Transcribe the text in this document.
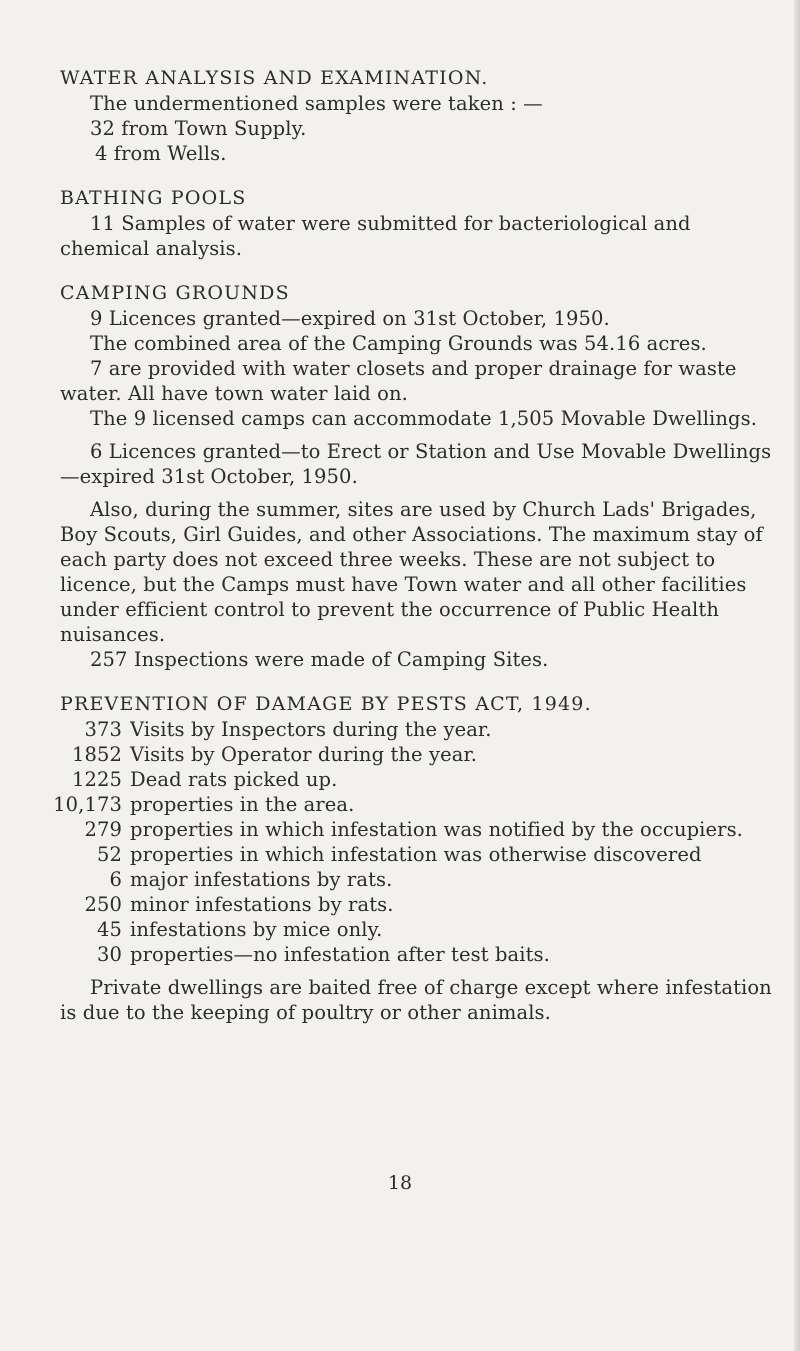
WATER ANALYSIS AND EXAMINATION.

The undermentioned samples were taken : —

32 from Town Supply.

4 from Wells.

BATHING POOLS

11 Samples of water were submitted for bacteriological and chemical analysis.

CAMPING GROUNDS

9 Licences granted—expired on 31st October, 1950.

The combined area of the Camping Grounds was 54.16 acres.

7 are provided with water closets and proper drainage for waste water. All have town water laid on.

The 9 licensed camps can accommodate 1,505 Movable Dwellings.

6 Licences granted—to Erect or Station and Use Movable Dwellings—expired 31st October, 1950.

Also, during the summer, sites are used by Church Lads' Brigades, Boy Scouts, Girl Guides, and other Associations. The maximum stay of each party does not exceed three weeks. These are not subject to licence, but the Camps must have Town water and all other facilities under efficient control to prevent the occurrence of Public Health nuisances.

257 Inspections were made of Camping Sites.

PREVENTION OF DAMAGE BY PESTS ACT, 1949.
373 Visits by Inspectors during the year.
1852 Visits by Operator during the year.
1225 Dead rats picked up.
10,173 properties in the area.
279 properties in which infestation was notified by the occupiers.
52 properties in which infestation was otherwise discovered
6 major infestations by rats.
250 minor infestations by rats.
45 infestations by mice only.
30 properties—no infestation after test baits.

Private dwellings are baited free of charge except where infestation is due to the keeping of poultry or other animals.

18
